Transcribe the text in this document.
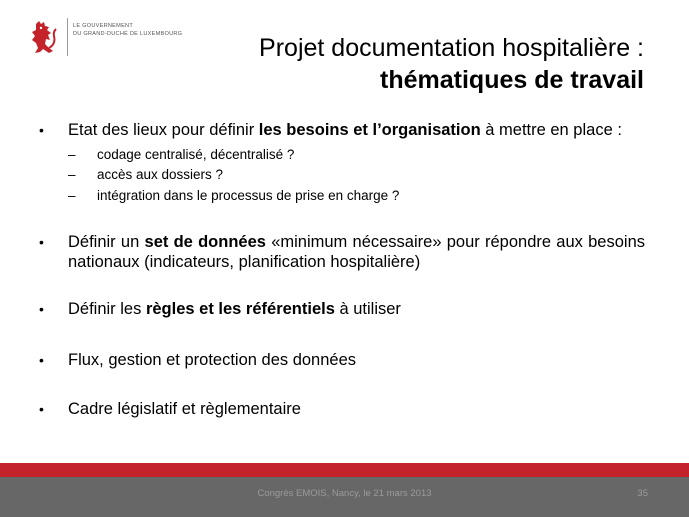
LE GOUVERNEMENT
DU GRAND-DUCHÉ DE LUXEMBOURG	Projet documentation hospitalière :
thématiques de travail
• Etat des lieux pour définir les besoins et l’organisation à mettre en place :
– codage centralisé, décentralisé ?
– accès aux dossiers ?
– intégration dans le processus de prise en charge ?
• Définir un set de données «minimum nécessaire» pour répondre aux besoins nationaux (indicateurs, planification hospitalière)
• Définir les règles et les référentiels à utiliser
• Flux, gestion et protection des données
• Cadre législatif et règlementaire
Congrès EMOIS, Nancy, le 21 mars 2013	35
